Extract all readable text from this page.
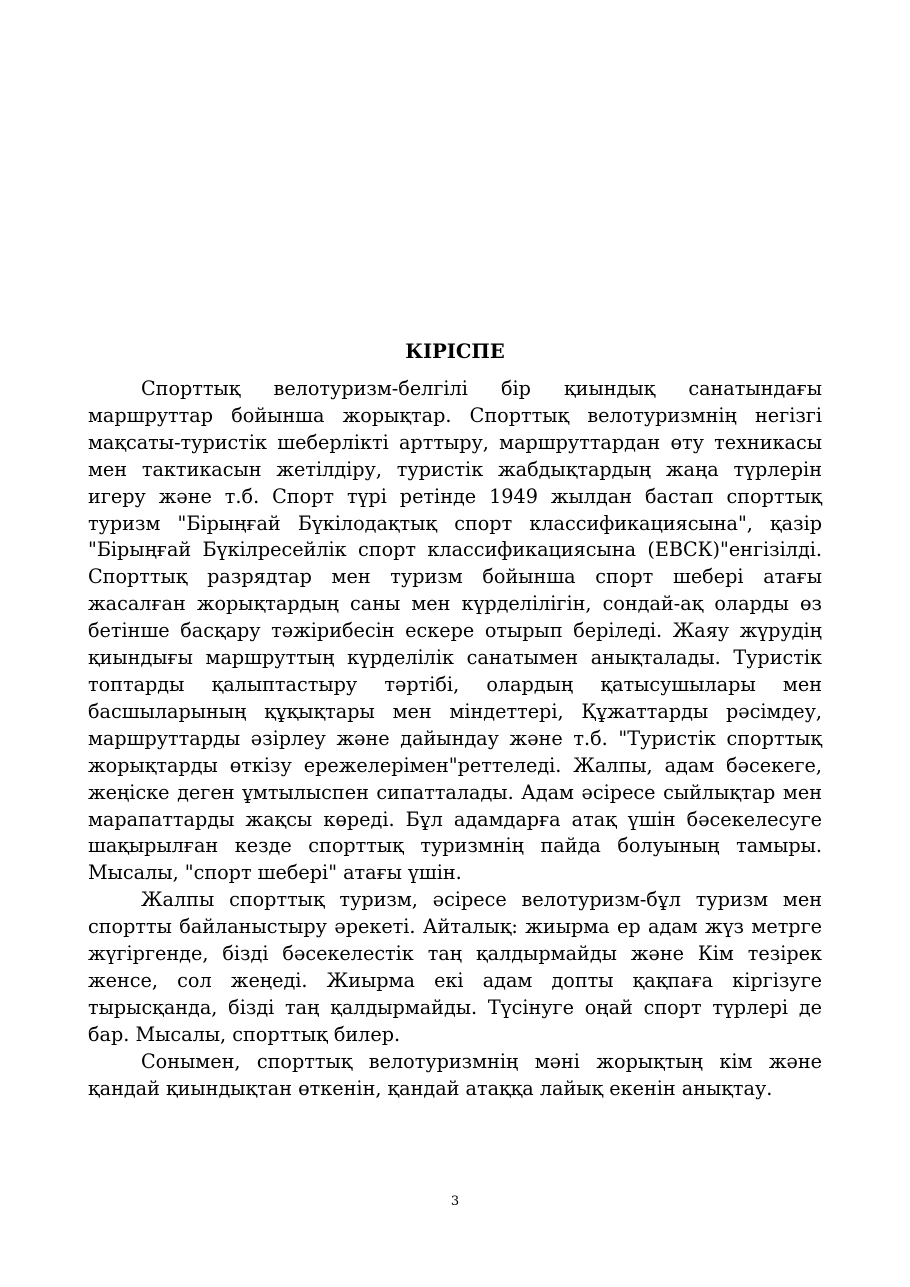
КІРІСПЕ

Спорттық велотуризм-белгілі бір қиындық санатындағы маршруттар бойынша жорықтар. Спорттық велотуризмнің негізгі мақсаты-туристік шеберлікті арттыру, маршруттардан өту техникасы мен тактикасын жетілдіру, туристік жабдықтардың жаңа түрлерін игеру және т.б. Спорт түрі ретінде 1949 жылдан бастап спорттық туризм "Бірыңғай Бүкілодақтық спорт классификациясына", қазір "Бірыңғай Бүкілресейлік спорт классификациясына (ЕВСК)"енгізілді. Спорттық разрядтар мен туризм бойынша спорт шебері атағы жасалған жорықтардың саны мен күрделілігін, сондай-ақ оларды өз бетінше басқару тәжірибесін ескере отырып беріледі. Жаяу жүрудің қиындығы маршруттың күрделілік санатымен анықталады. Туристік топтарды қалыптастыру тәртібі, олардың қатысушылары мен басшыларының құқықтары мен міндеттері, Құжаттарды рәсімдеу, маршруттарды әзірлеу және дайындау және т.б. "Туристік спорттық жорықтарды өткізу ережелерімен"реттеледі. Жалпы, адам бәсекеге, жеңіске деген ұмтылыспен сипатталады. Адам әсіресе сыйлықтар мен марапаттарды жақсы көреді. Бұл адамдарға атақ үшін бәсекелесуге шақырылған кезде спорттық туризмнің пайда болуының тамыры. Мысалы, "спорт шебері" атағы үшін.

Жалпы спорттық туризм, әсіресе велотуризм-бұл туризм мен спортты байланыстыру әрекеті. Айталық: жиырма ер адам жүз метрге жүгіргенде, бізді бәсекелестік таң қалдырмайды және Кім тезірек женсе, сол жеңеді. Жиырма екі адам допты қақпаға кіргізуге тырысқанда, бізді таң қалдырмайды. Түсінуге оңай спорт түрлері де бар. Мысалы, спорттық билер.

Сонымен, спорттық велотуризмнің мәні жорықтың кім және қандай қиындықтан өткенін, қандай атаққа лайық екенін анықтау.

3
